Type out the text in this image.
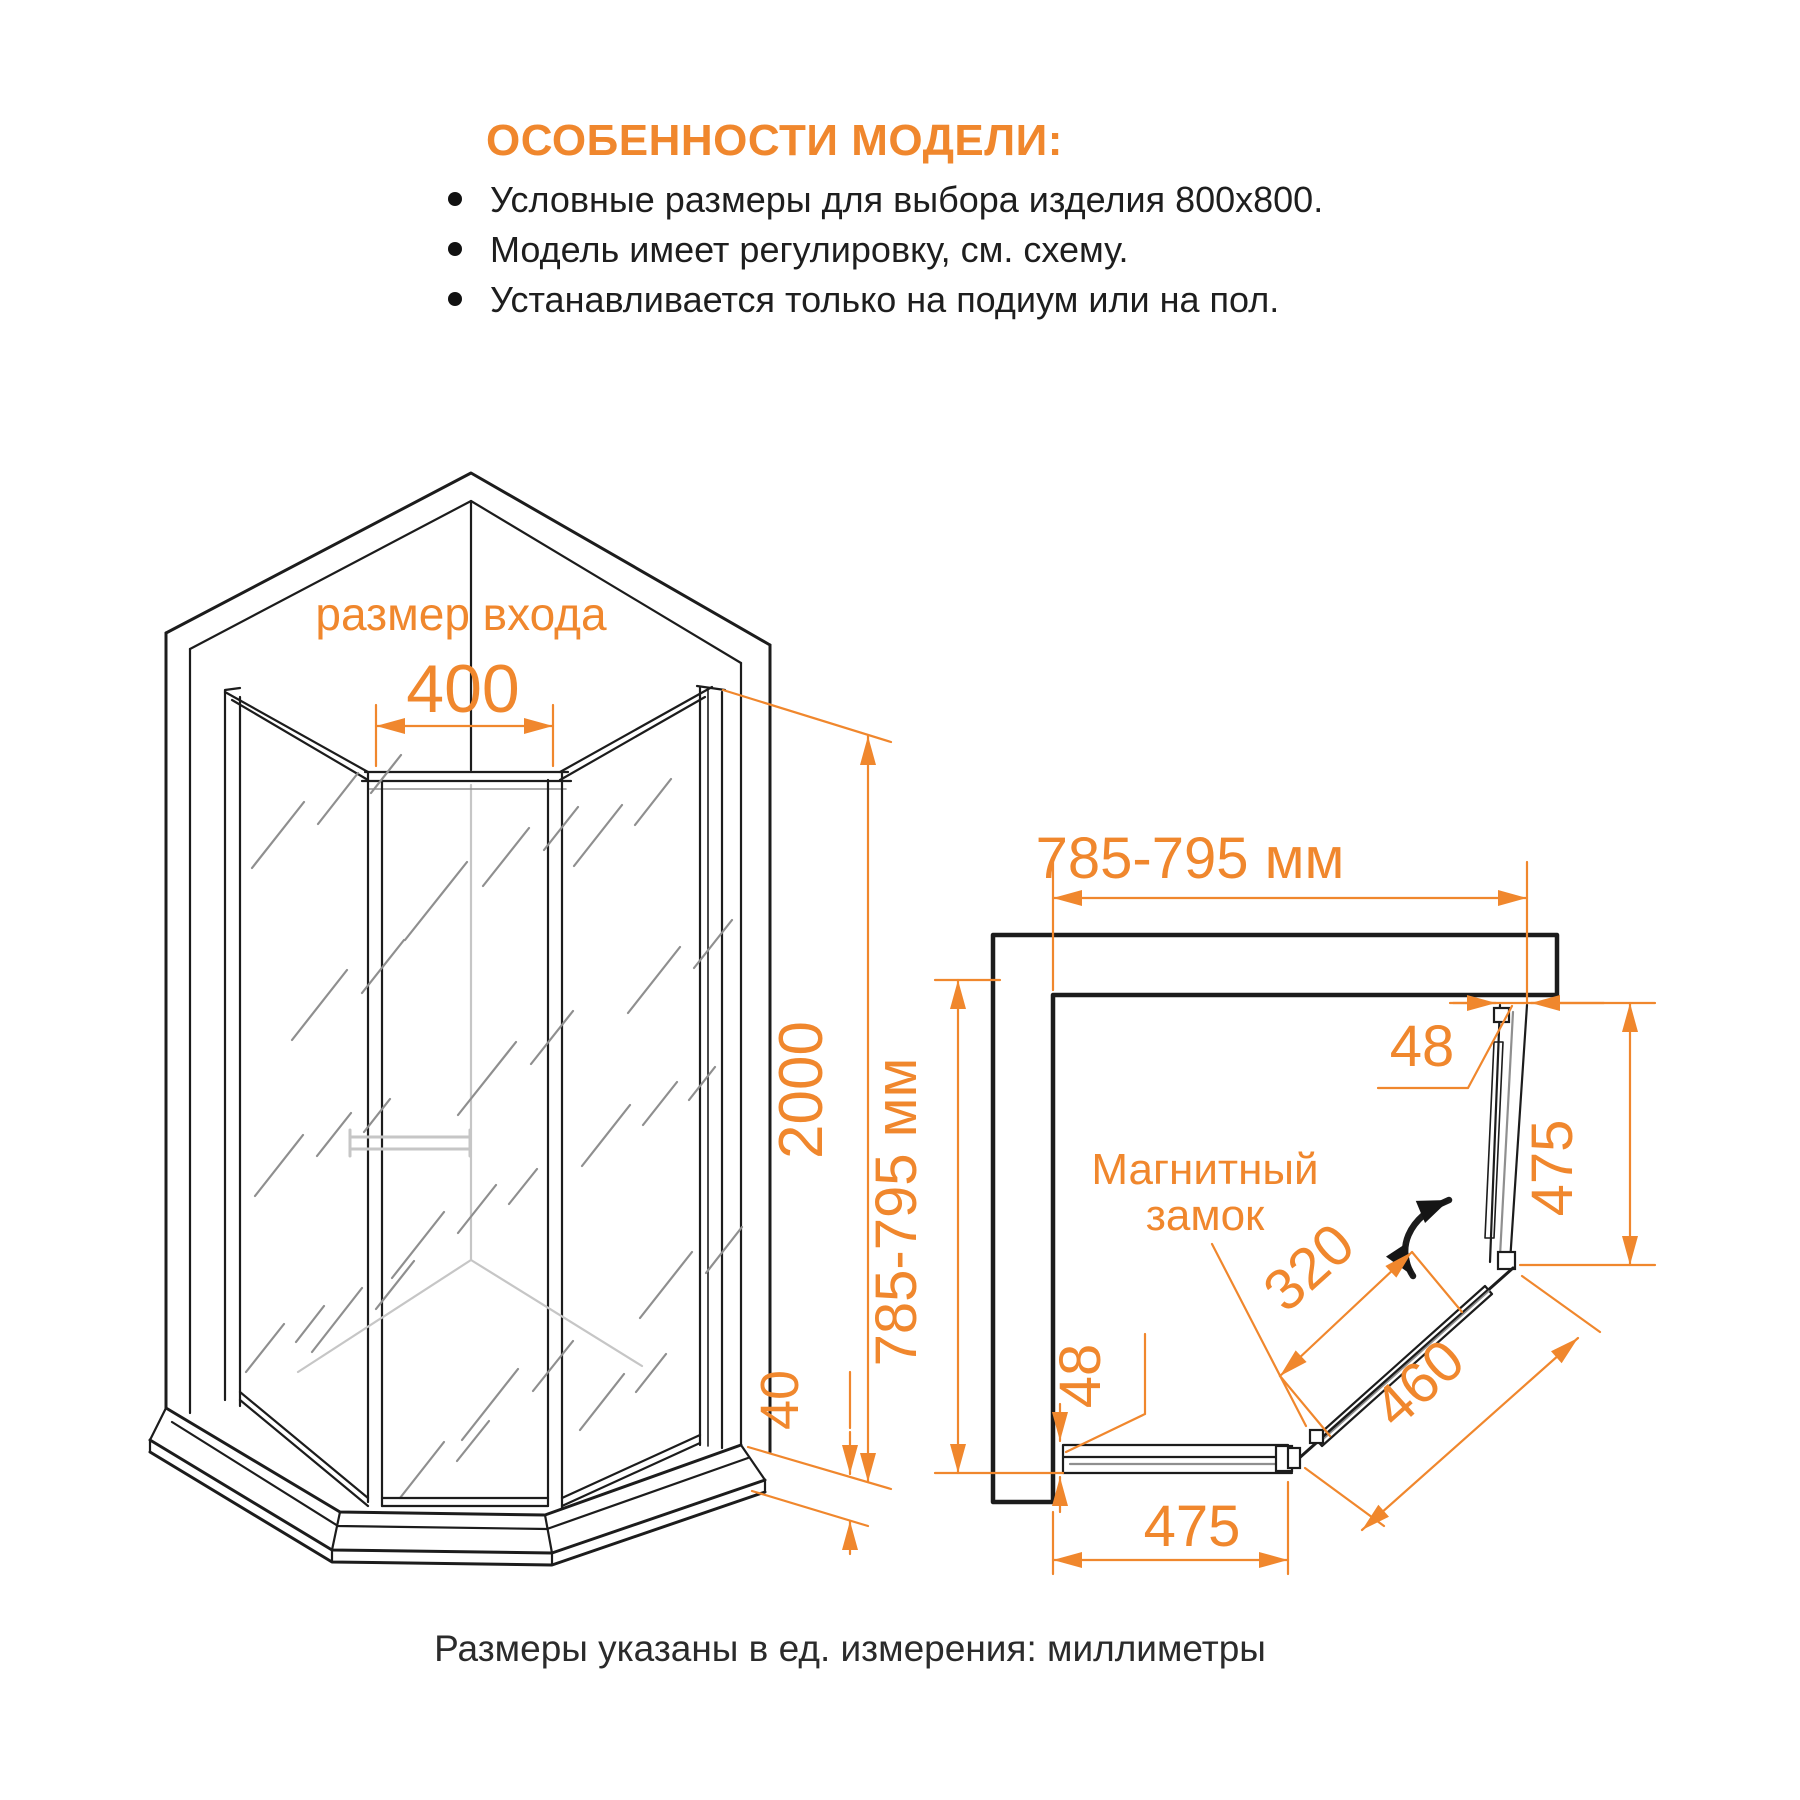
ОСОБЕННОСТИ МОДЕЛИ:
Условные размеры для выбора изделия 800x800.
Модель имеет регулировку, см. схему.
Устанавливается только на подиум или на пол.
размер входа
400
2000
40
785-795 мм
785-795 мм
48
475
320
460
48
475
Магнитный
замок
Размеры указаны в ед. измерения: миллиметры
